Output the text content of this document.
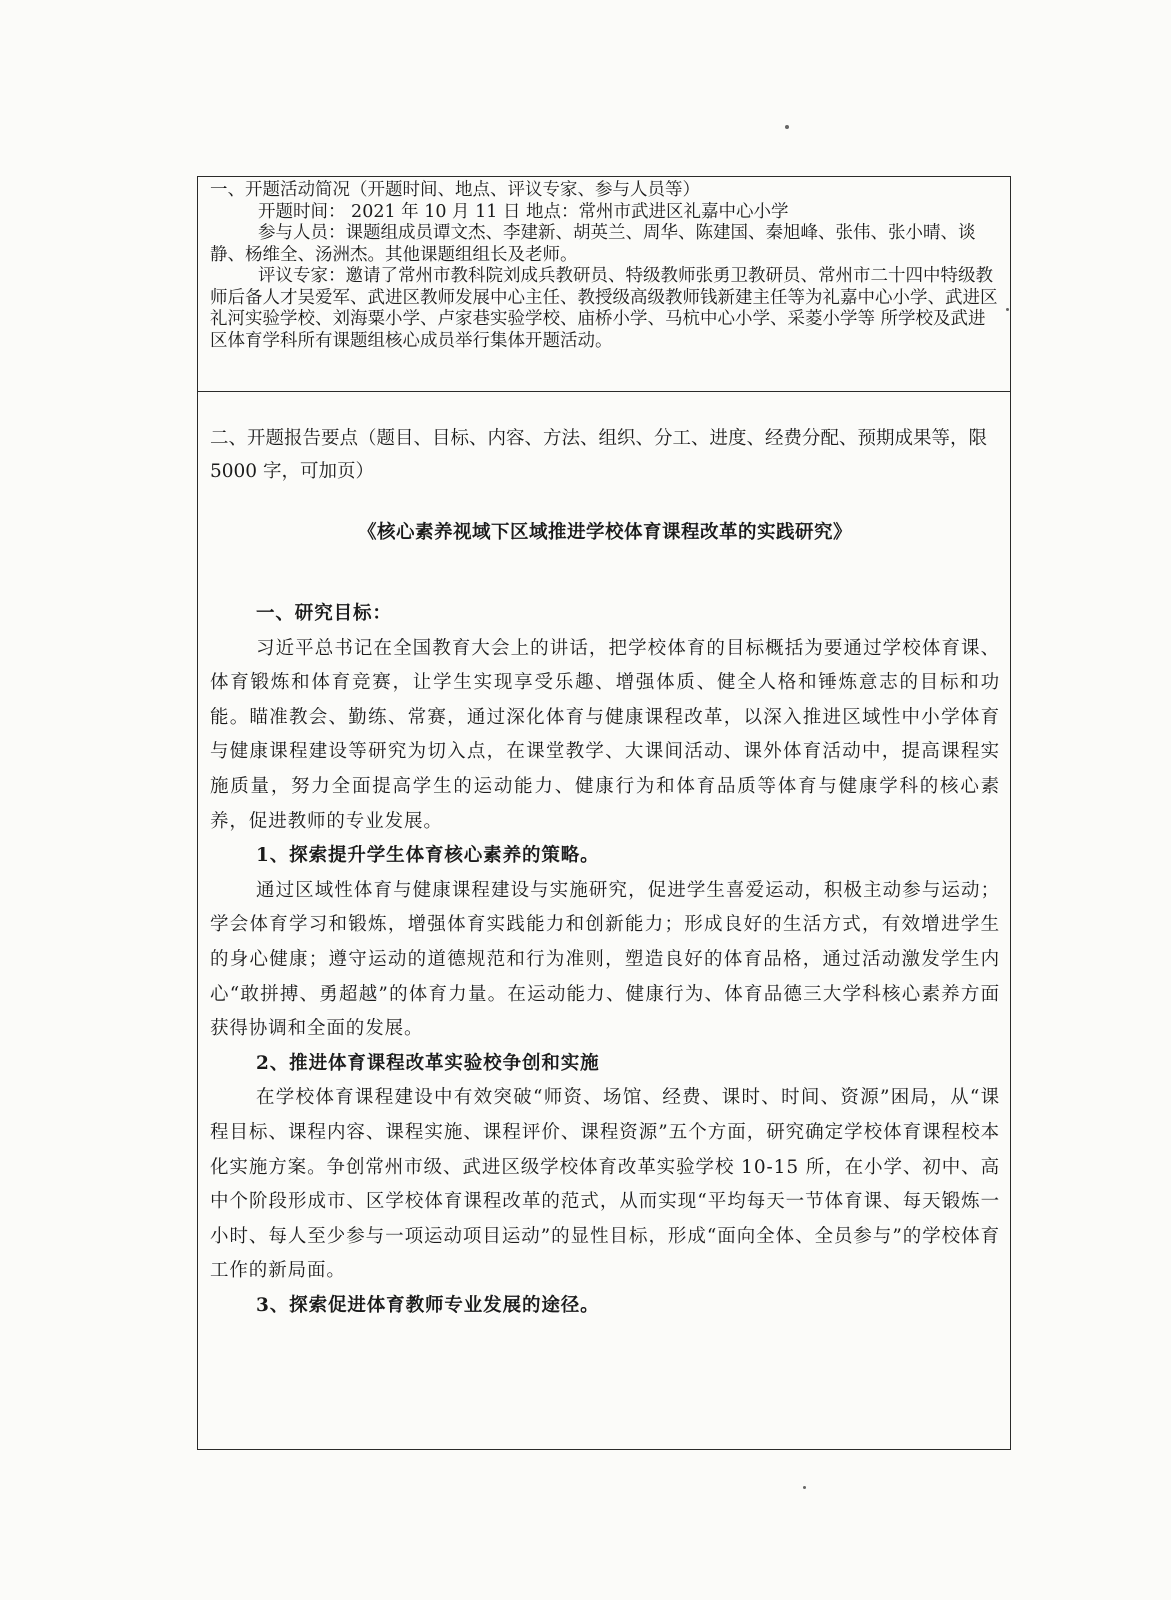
一、开题活动简况（开题时间、地点、评议专家、参与人员等）

开题时间： 2021 年 10 月 11 日 地点：常州市武进区礼嘉中心小学

参与人员：课题组成员谭文杰、李建新、胡英兰、周华、陈建国、秦旭峰、张伟、张小晴、谈静、杨维全、汤洲杰。其他课题组组长及老师。

评议专家：邀请了常州市教科院刘成兵教研员、特级教师张勇卫教研员、常州市二十四中特级教师后备人才吴爱军、武进区教师发展中心主任、教授级高级教师钱新建主任等为礼嘉中心小学、武进区礼河实验学校、刘海粟小学、卢家巷实验学校、庙桥小学、马杭中心小学、采菱小学等 所学校及武进区体育学科所有课题组核心成员举行集体开题活动。

二、开题报告要点（题目、目标、内容、方法、组织、分工、进度、经费分配、预期成果等，限 5000 字，可加页）

《核心素养视域下区域推进学校体育课程改革的实践研究》

一、研究目标：

习近平总书记在全国教育大会上的讲话，把学校体育的目标概括为要通过学校体育课、体育锻炼和体育竞赛，让学生实现享受乐趣、增强体质、健全人格和锤炼意志的目标和功能。瞄准教会、勤练、常赛，通过深化体育与健康课程改革，以深入推进区域性中小学体育与健康课程建设等研究为切入点，在课堂教学、大课间活动、课外体育活动中，提高课程实施质量，努力全面提高学生的运动能力、健康行为和体育品质等体育与健康学科的核心素养，促进教师的专业发展。

1、探索提升学生体育核心素养的策略。

通过区域性体育与健康课程建设与实施研究，促进学生喜爱运动，积极主动参与运动；学会体育学习和锻炼，增强体育实践能力和创新能力；形成良好的生活方式，有效增进学生的身心健康；遵守运动的道德规范和行为准则，塑造良好的体育品格，通过活动激发学生内心“敢拼搏、勇超越”的体育力量。在运动能力、健康行为、体育品德三大学科核心素养方面获得协调和全面的发展。

2、推进体育课程改革实验校争创和实施

在学校体育课程建设中有效突破“师资、场馆、经费、课时、时间、资源”困局，从“课程目标、课程内容、课程实施、课程评价、课程资源”五个方面，研究确定学校体育课程校本化实施方案。争创常州市级、武进区级学校体育改革实验学校 10-15 所，在小学、初中、高中个阶段形成市、区学校体育课程改革的范式，从而实现“平均每天一节体育课、每天锻炼一小时、每人至少参与一项运动项目运动”的显性目标，形成“面向全体、全员参与”的学校体育工作的新局面。

3、探索促进体育教师专业发展的途径。
